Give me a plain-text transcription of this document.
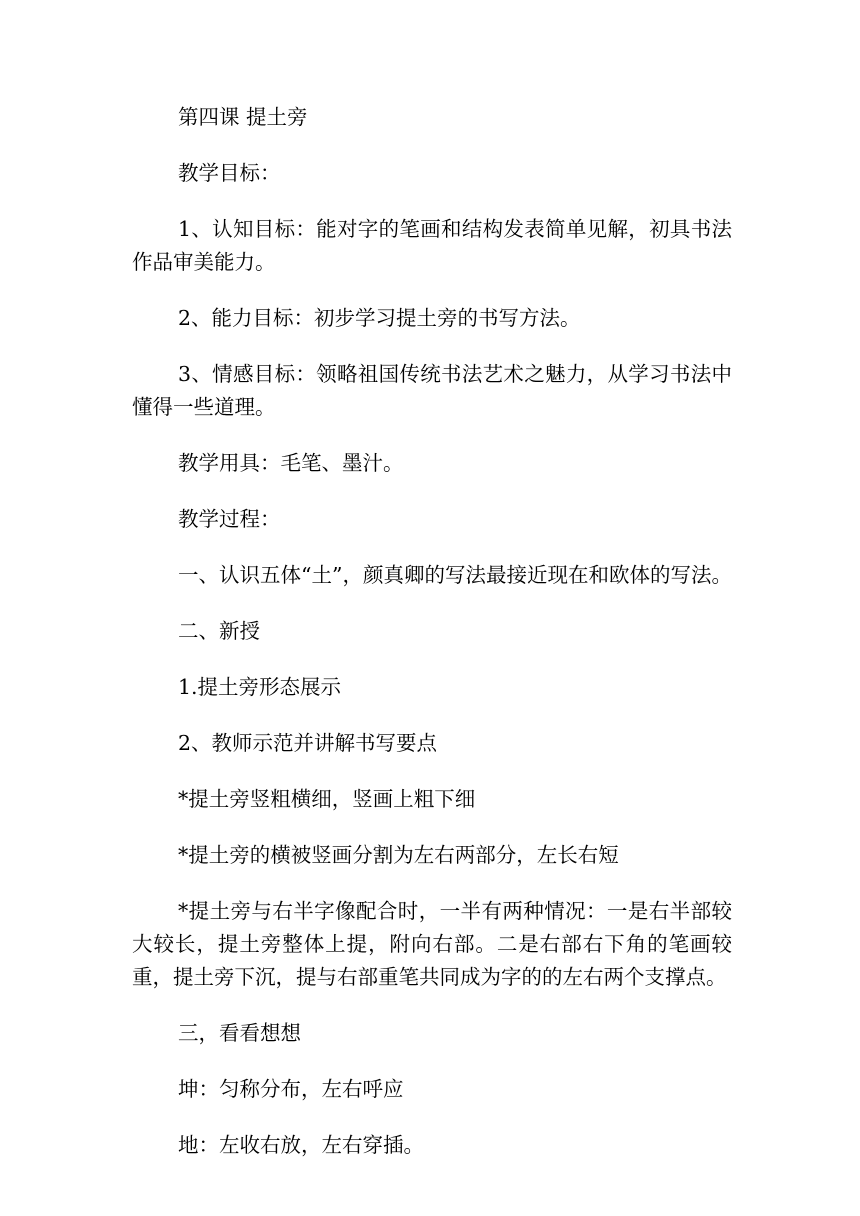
第四课 提土旁

教学目标：

1、认知目标：能对字的笔画和结构发表简单见解，初具书法作品审美能力。

2、能力目标：初步学习提土旁的书写方法。

3、情感目标：领略祖国传统书法艺术之魅力，从学习书法中懂得一些道理。

教学用具：毛笔、墨汁。

教学过程：

一、认识五体“土”，颜真卿的写法最接近现在和欧体的写法。

二、新授

1.提土旁形态展示

2、教师示范并讲解书写要点

*提土旁竖粗横细，竖画上粗下细

*提土旁的横被竖画分割为左右两部分，左长右短

*提土旁与右半字像配合时，一半有两种情况：一是右半部较大较长，提土旁整体上提，附向右部。二是右部右下角的笔画较重，提土旁下沉，提与右部重笔共同成为字的的左右两个支撑点。

三，看看想想

坤：匀称分布，左右呼应

地：左收右放，左右穿插。
